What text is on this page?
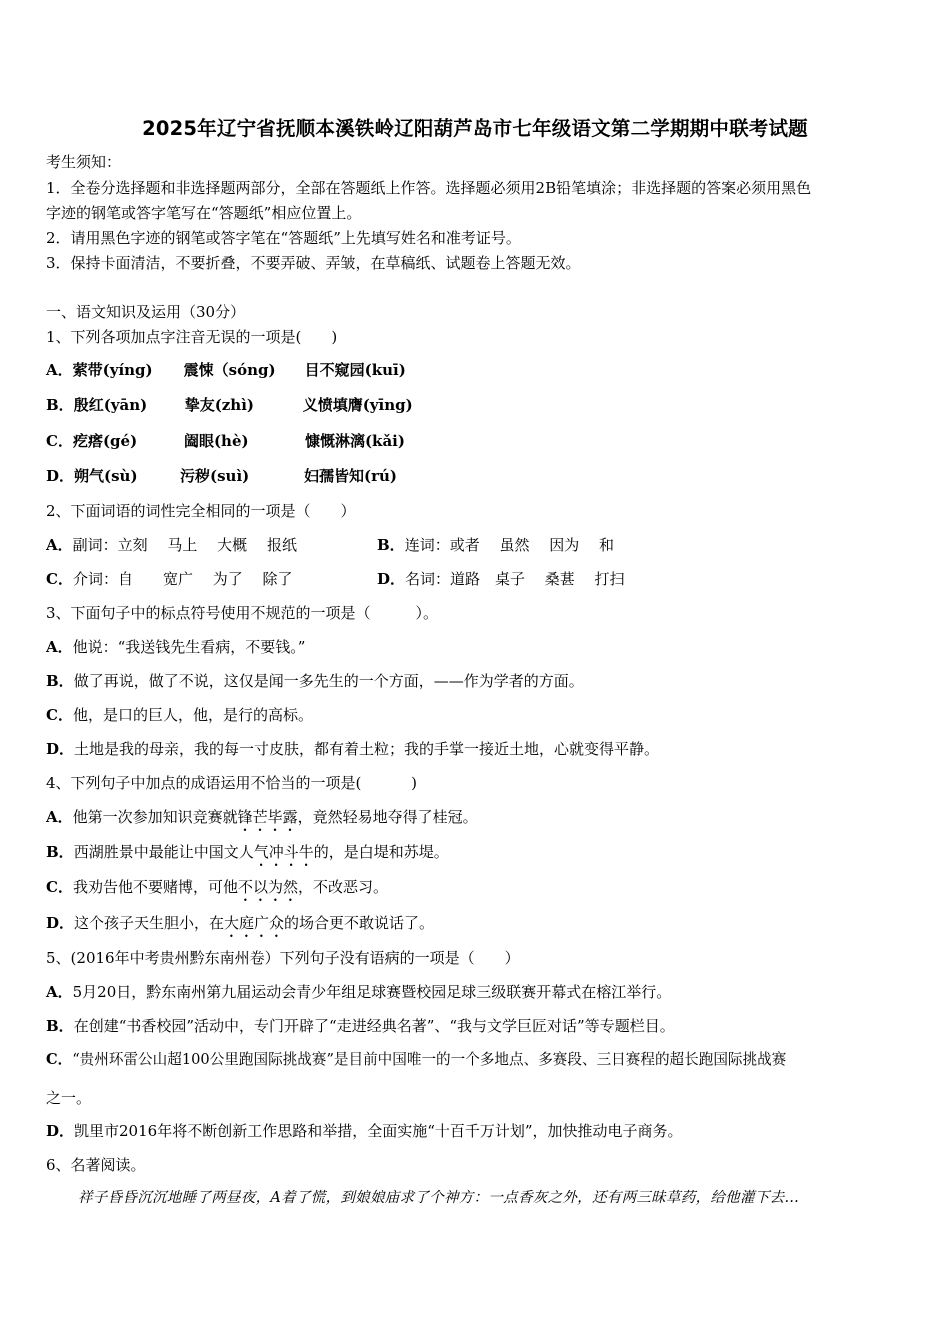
2025年辽宁省抚顺本溪铁岭辽阳葫芦岛市七年级语文第二学期期中联考试题
考生须知：
1．全卷分选择题和非选择题两部分，全部在答题纸上作答。选择题必须用2B铅笔填涂；非选择题的答案必须用黑色
字迹的钢笔或答字笔写在“答题纸”相应位置上。
2．请用黑色字迹的钢笔或答字笔在“答题纸”上先填写姓名和准考证号。
3．保持卡面清洁，不要折叠，不要弄破、弄皱，在草稿纸、试题卷上答题无效。
一、语文知识及运用（30分）
1、下列各项加点字注音无误的一项是(　　)
A．萦带(yíng) 震悚（sóng) 目不窥园(kuī)
B．殷红(yān) 挚友(zhì)	义愤填膺(yīng)
C．疙瘩(gé)	阖眼(hè)	慷慨淋漓(kǎi)
D．朔气(sù)	污秽(suì)	妇孺皆知(rú)
2、下面词语的词性完全相同的一项是（　　）
A．副词：立刻　 马上　 大概　 报纸	B．连词：或者　 虽然　 因为　 和
C．介词：自　　宽广　 为了　 除了	D．名词：道路　桌子　 桑葚　 打扫
3、下面句子中的标点符号使用不规范的一项是（　　　）。
A．他说：“我送钱先生看病，不要钱。”
B．做了再说，做了不说，这仅是闻一多先生的一个方面，——作为学者的方面。
C．他，是口的巨人，他，是行的高标。
D．土地是我的母亲，我的每一寸皮肤，都有着土粒；我的手掌一接近土地，心就变得平静。
4、下列句子中加点的成语运用不恰当的一项是(　　　 )
A．他第一次参加知识竞赛就锋芒毕露，竟然轻易地夺得了桂冠。
B．西湖胜景中最能让中国文人气冲斗牛的，是白堤和苏堤。
C．我劝告他不要赌博，可他不以为然，不改恶习。
D．这个孩子天生胆小，在大庭广众的场合更不敢说话了。
5、(2016年中考贵州黔东南州卷）下列句子没有语病的一项是（　　）
A．5月20日，黔东南州第九届运动会青少年组足球赛暨校园足球三级联赛开幕式在榕江举行。
B．在创建“书香校园”活动中，专门开辟了“走进经典名著”、“我与文学巨匠对话”等专题栏目。
C．“贵州环雷公山超100公里跑国际挑战赛”是目前中国唯一的一个多地点、多赛段、三日赛程的超长跑国际挑战赛
之一。
D．凯里市2016年将不断创新工作思路和举措，全面实施“十百千万计划”，加快推动电子商务。
6、名著阅读。
祥子昏昏沉沉地睡了两昼夜，A着了慌，到娘娘庙求了个神方：一点香灰之外，还有两三昧草药，给他灌下去…
